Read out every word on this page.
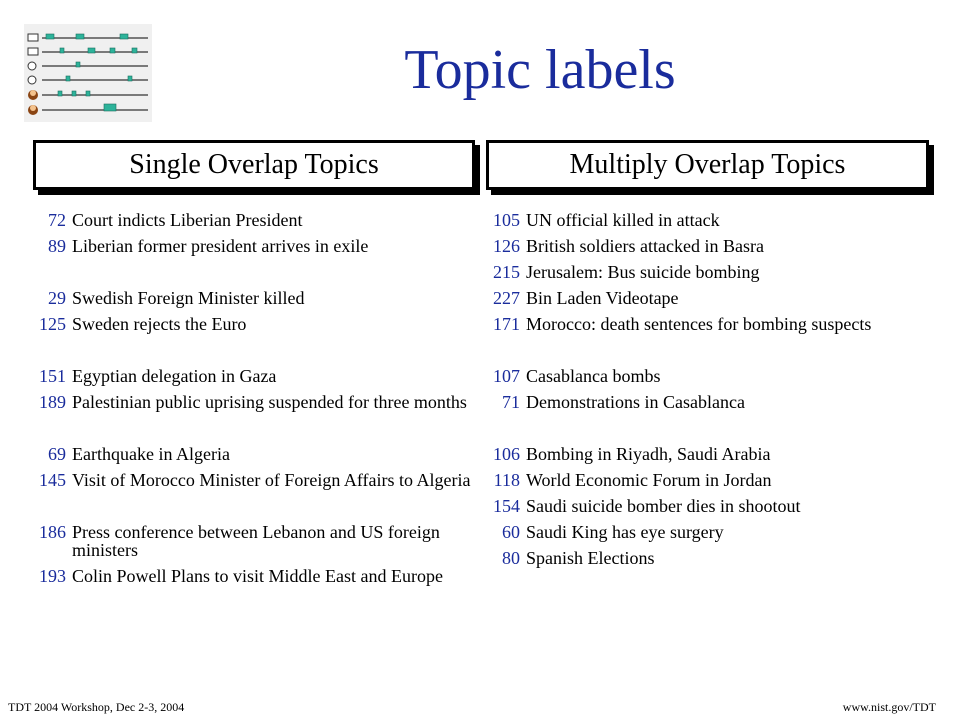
Topic labels
Single Overlap Topics	Multiply Overlap Topics
72 Court indicts Liberian President
89 Liberian former president arrives in exile
29 Swedish Foreign Minister killed
125 Sweden rejects the Euro
151 Egyptian delegation in Gaza
189 Palestinian public uprising suspended for three months
69 Earthquake in Algeria
145 Visit of Morocco Minister of Foreign Affairs to Algeria
186 Press conference between Lebanon and US foreign ministers
193 Colin Powell Plans to visit Middle East and Europe
105 UN official killed in attack
126 British soldiers attacked in Basra
215 Jerusalem: Bus suicide bombing
227 Bin Laden Videotape
171 Morocco: death sentences for bombing suspects
107 Casablanca bombs
71 Demonstrations in Casablanca
106 Bombing in Riyadh, Saudi Arabia
118 World Economic Forum in Jordan
154 Saudi suicide bomber dies in shootout
60 Saudi King has eye surgery
80 Spanish Elections
TDT 2004 Workshop, Dec 2-3, 2004	www.nist.gov/TDT
